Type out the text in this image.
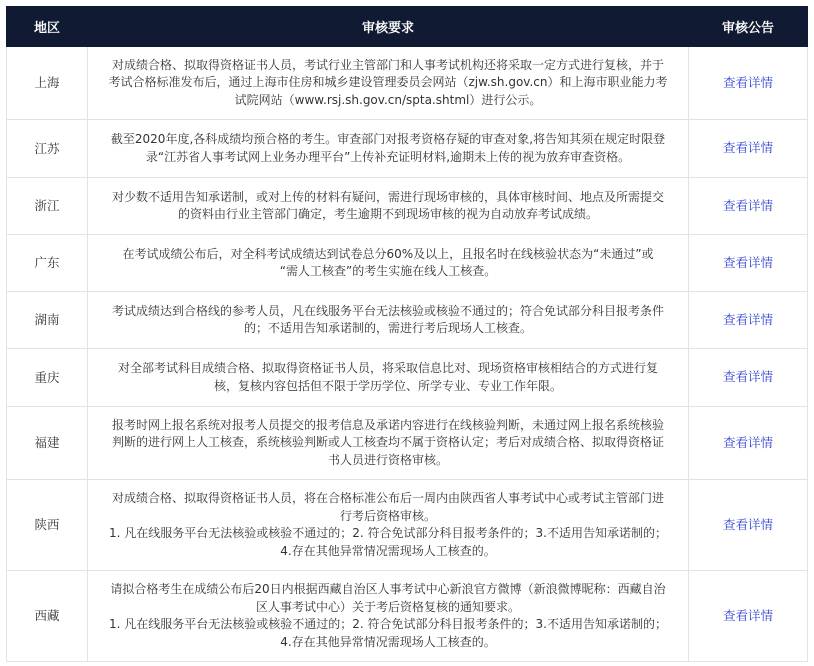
地区	审核要求	审核公告
上海	对成绩合格、拟取得资格证书人员，考试行业主管部门和人事考试机构还将采取一定方式进行复核，并于
考试合格标准发布后，通过上海市住房和城乡建设管理委员会网站（zjw.sh.gov.cn）和上海市职业能力考
试院网站（www.rsj.sh.gov.cn/spta.shtml）进行公示。	查看详情
江苏	截至2020年度,各科成绩均预合格的考生。审查部门对报考资格存疑的审查对象,将告知其须在规定时限登
录“江苏省人事考试网上业务办理平台”上传补充证明材料,逾期未上传的视为放弃审查资格。	查看详情
浙江	对少数不适用告知承诺制，或对上传的材料有疑问，需进行现场审核的，具体审核时间、地点及所需提交
的资料由行业主管部门确定，考生逾期不到现场审核的视为自动放弃考试成绩。	查看详情
广东	在考试成绩公布后，对全科考试成绩达到试卷总分60%及以上，且报名时在线核验状态为“未通过”或
“需人工核查”的考生实施在线人工核查。	查看详情
湖南	考试成绩达到合格线的参考人员，凡在线服务平台无法核验或核验不通过的；符合免试部分科目报考条件
的；不适用告知承诺制的，需进行考后现场人工核查。	查看详情
重庆	对全部考试科目成绩合格、拟取得资格证书人员，将采取信息比对、现场资格审核相结合的方式进行复
核，复核内容包括但不限于学历学位、所学专业、专业工作年限。	查看详情
福建	报考时网上报名系统对报考人员提交的报考信息及承诺内容进行在线核验判断，未通过网上报名系统核验
判断的进行网上人工核查，系统核验判断或人工核查均不属于资格认定；考后对成绩合格、拟取得资格证
书人员进行资格审核。	查看详情
陕西	对成绩合格、拟取得资格证书人员，将在合格标准公布后一周内由陕西省人事考试中心或考试主管部门进
行考后资格审核。
1. 凡在线服务平台无法核验或核验不通过的；2. 符合免试部分科目报考条件的；3.不适用告知承诺制的；
4.存在其他异常情况需现场人工核查的。	查看详情
西藏	请拟合格考生在成绩公布后20日内根据西藏自治区人事考试中心新浪官方微博（新浪微博昵称：西藏自治
区人事考试中心）关于考后资格复核的通知要求。
1. 凡在线服务平台无法核验或核验不通过的；2. 符合免试部分科目报考条件的；3.不适用告知承诺制的；
4.存在其他异常情况需现场人工核查的。	查看详情
